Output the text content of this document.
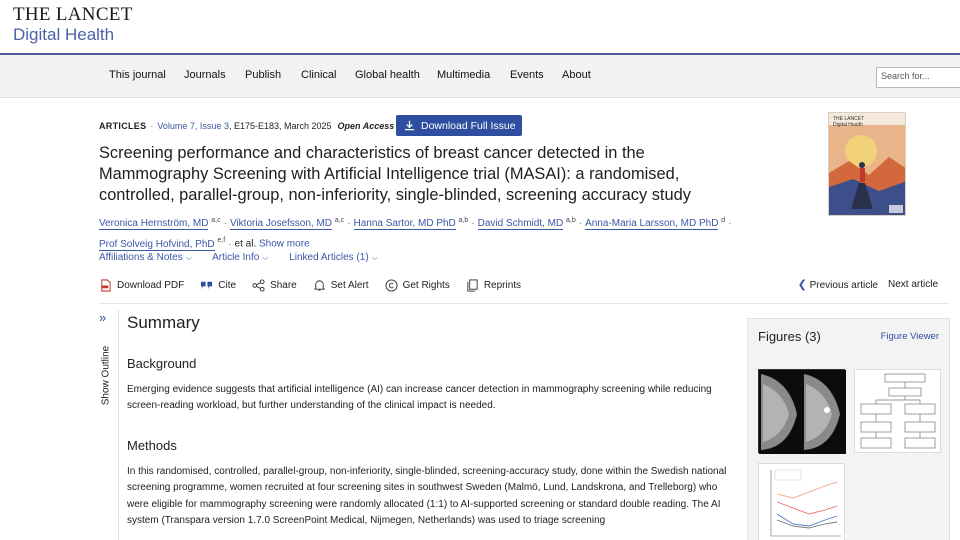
THE LANCET
Digital Health
This journal Journals Publish Clinical Global health Multimedia Events About	Search for...
ARTICLES · Volume 7, Issue 3, E175-E183, March 2025 Open Access	Download Full Issue
Screening performance and characteristics of breast cancer detected in the Mammography Screening with Artificial Intelligence trial (MASAI): a randomised, controlled, parallel-group, non-inferiority, single-blinded, screening accuracy study
Veronica Hernström, MD $^{a,c}$ · Viktoria Josefsson, MD $^{a,c}$ · Hanna Sartor, MD PhD $^{a,b}$ · David Schmidt, MD $^{a,b}$ · Anna-Maria Larsson, MD PhD $^d$ ·
Prof Solveig Hofvind, PhD $^{e,f}$ · et al. Show more
Affiliations & Notes ⌵ Article Info ⌵ Linked Articles (1) ⌵
Download PDF	Cite	Share	Set Alert	Get Rights	Reprints	❮ Previous article Next article
THE LANCET
Digital Health
»
Show Outline
Summary
Background

Emerging evidence suggests that artificial intelligence (AI) can increase cancer detection in mammography screening while reducing screen-reading workload, but further understanding of the clinical impact is needed.

Methods

In this randomised, controlled, parallel-group, non-inferiority, single-blinded, screening-accuracy study, done within the Swedish national screening programme, women recruited at four screening sites in southwest Sweden (Malmö, Lund, Landskrona, and Trelleborg) who were eligible for mammography screening were randomly allocated (1:1) to AI-supported screening or standard double reading. The AI system (Transpara version 1.7.0 ScreenPoint Medical, Nijmegen, Netherlands) was used to triage screening

Figures (3)	Figure Viewer
